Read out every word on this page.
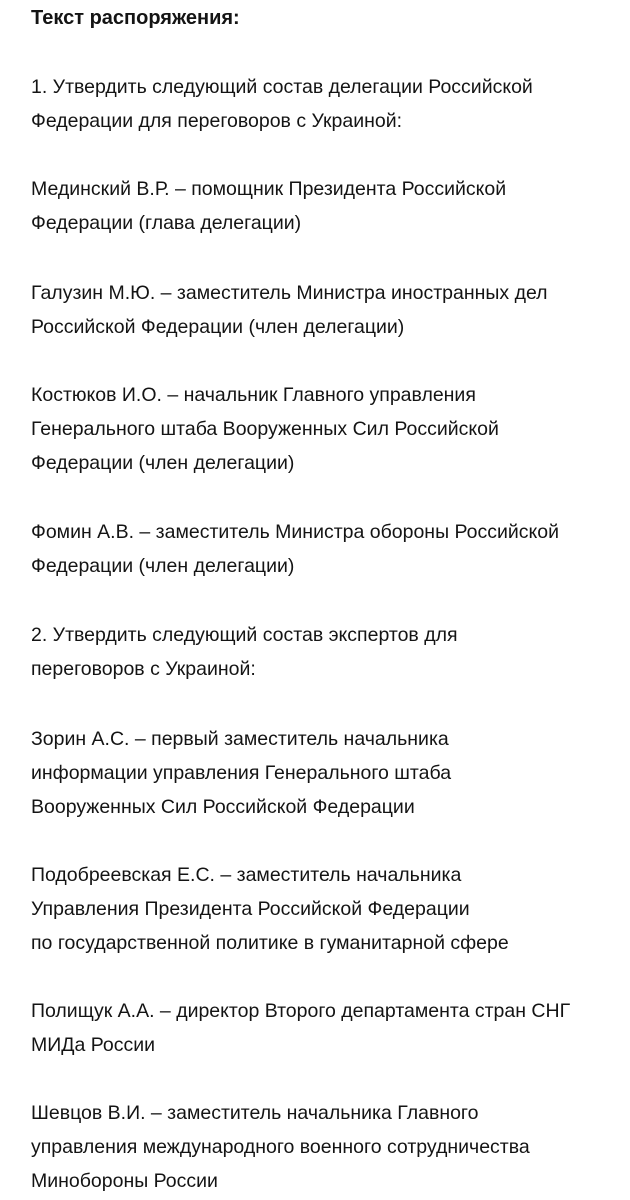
Текст распоряжения:

1. Утвердить следующий состав делегации Российской
Федерации для переговоров с Украиной:

Мединский В.Р. – помощник Президента Российской
Федерации (глава делегации)

Галузин М.Ю. – заместитель Министра иностранных дел
Российской Федерации (член делегации)

Костюков И.О. – начальник Главного управления
Генерального штаба Вооруженных Сил Российской
Федерации (член делегации)

Фомин А.В. – заместитель Министра обороны Российской
Федерации (член делегации)

2. Утвердить следующий состав экспертов для
переговоров с Украиной:

Зорин А.С. – первый заместитель начальника
информации управления Генерального штаба
Вооруженных Сил Российской Федерации

Подобреевская Е.С. – заместитель начальника
Управления Президента Российской Федерации
по государственной политике в гуманитарной сфере

Полищук А.А. – директор Второго департамента стран СНГ
МИДа России

Шевцов В.И. – заместитель начальника Главного
управления международного военного сотрудничества
Минобороны России
